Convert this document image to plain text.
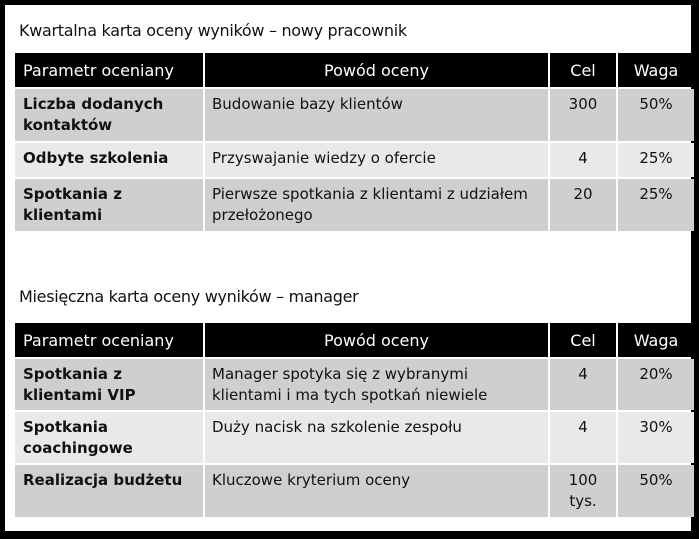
Kwartalna karta oceny wyników – nowy pracownik
Parametr oceniany	Powód oceny	Cel	Waga
Liczba dodanych kontaktów	Budowanie bazy klientów	300	50%
Odbyte szkolenia	Przyswajanie wiedzy o ofercie	4	25%
Spotkania z klientami	Pierwsze spotkania z klientami z udziałem przełożonego	20	25%
Miesięczna karta oceny wyników – manager
Parametr oceniany	Powód oceny	Cel	Waga
Spotkania z klientami VIP	Manager spotyka się z wybranymi klientami i ma tych spotkań niewiele	4	20%
Spotkania coachingowe	Duży nacisk na szkolenie zespołu	4	30%
Realizacja budżetu	Kluczowe kryterium oceny	100 tys.	50%
